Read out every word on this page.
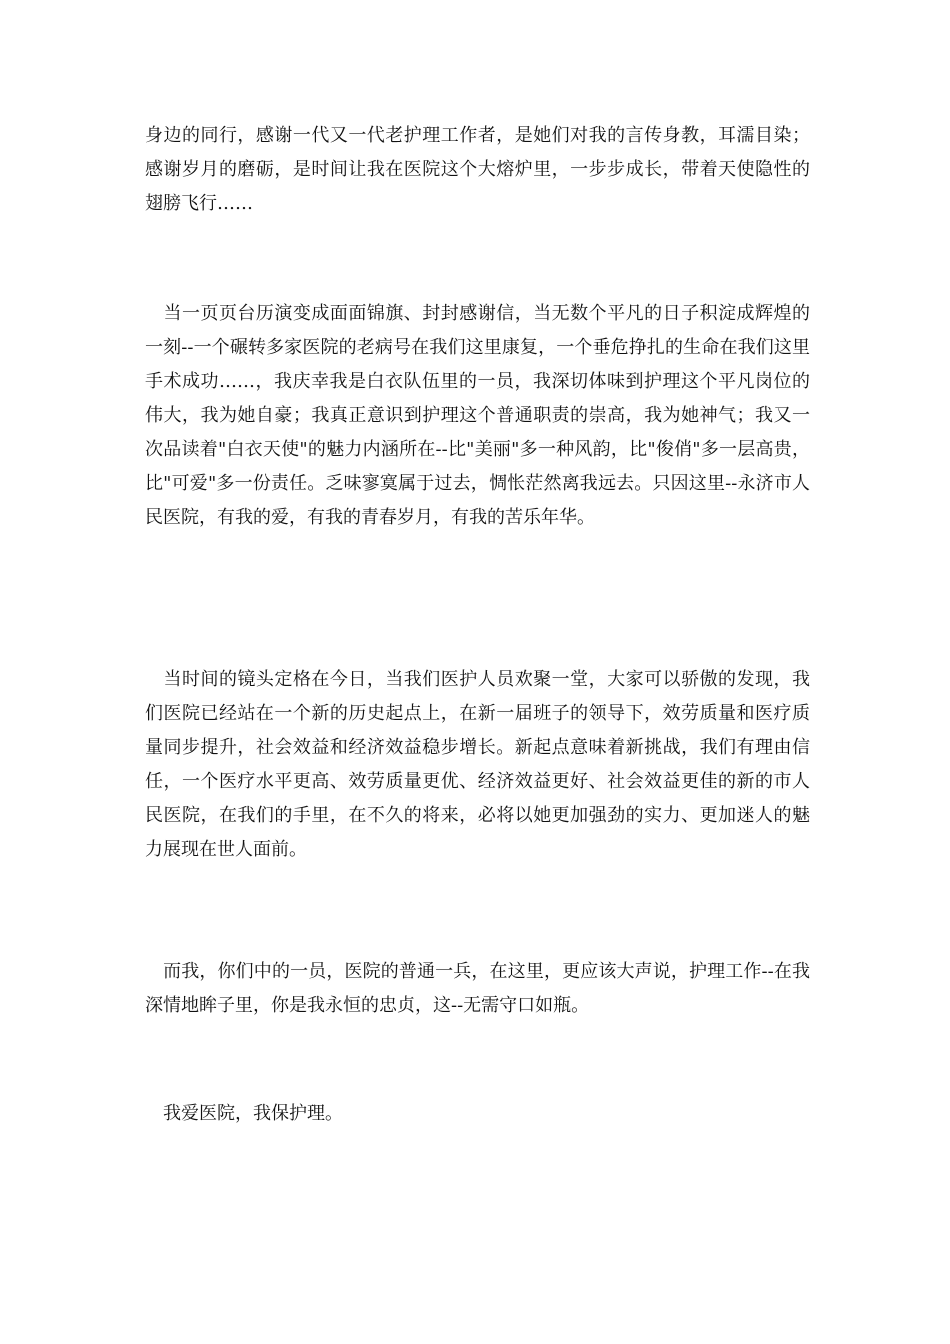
身边的同行，感谢一代又一代老护理工作者，是她们对我的言传身教，耳濡目染；感谢岁月的磨砺，是时间让我在医院这个大熔炉里，一步步成长，带着天使隐性的翅膀飞行……

　当一页页台历演变成面面锦旗、封封感谢信，当无数个平凡的日子积淀成辉煌的一刻--一个碾转多家医院的老病号在我们这里康复，一个垂危挣扎的生命在我们这里手术成功……，我庆幸我是白衣队伍里的一员，我深切体味到护理这个平凡岗位的伟大，我为她自豪；我真正意识到护理这个普通职责的崇高，我为她神气；我又一次品读着"白衣天使"的魅力内涵所在--比"美丽"多一种风韵，比"俊俏"多一层高贵，比"可爱"多一份责任。乏味寥寞属于过去，惆怅茫然离我远去。只因这里--永济市人民医院，有我的爱，有我的青春岁月，有我的苦乐年华。

　当时间的镜头定格在今日，当我们医护人员欢聚一堂，大家可以骄傲的发现，我们医院已经站在一个新的历史起点上，在新一届班子的领导下，效劳质量和医疗质量同步提升，社会效益和经济效益稳步增长。新起点意味着新挑战，我们有理由信任，一个医疗水平更高、效劳质量更优、经济效益更好、社会效益更佳的新的市人民医院，在我们的手里，在不久的将来，必将以她更加强劲的实力、更加迷人的魅力展现在世人面前。

　而我，你们中的一员，医院的普通一兵，在这里，更应该大声说，护理工作--在我深情地眸子里，你是我永恒的忠贞，这--无需守口如瓶。

　我爱医院，我保护理。
